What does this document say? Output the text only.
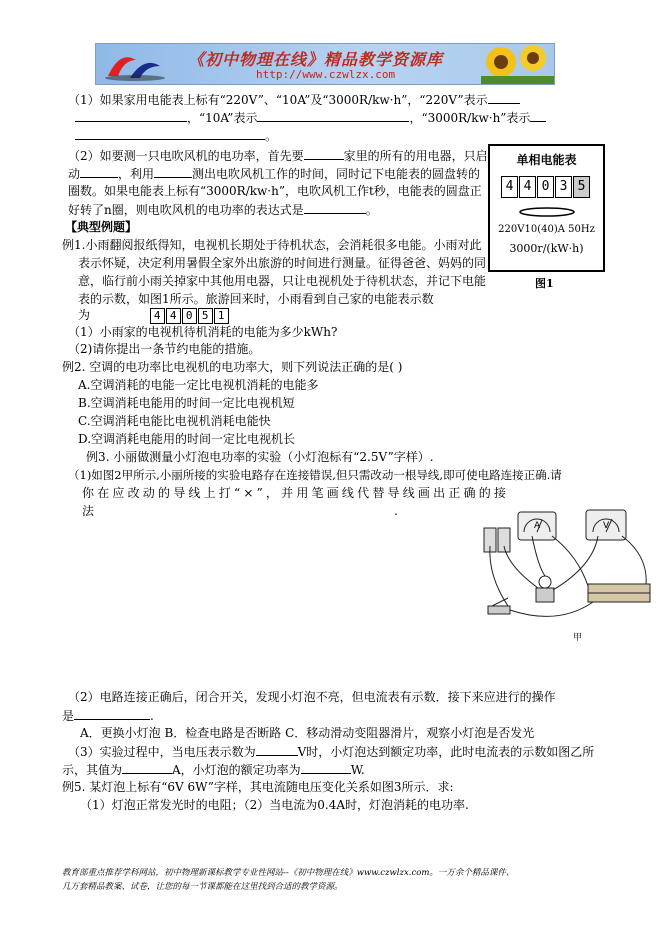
《初中物理在线》精品教学资源库
http://www.czwlzx.com
（1）如果家用电能表上标有“220V”、“10A”及“3000R/kw·h”，“220V”表示
，“10A”表示	，“3000R/kw·h”表示
。
（2）如要测一只电吹风机的电功率，首先要	家里的所有的用电器，只启
动	，利用	测出电吹风机工作的时间，同时记下电能表的圆盘转的
圈数。如果电能表上标有“3000R/kw·h”，电吹风机工作t秒，电能表的圆盘正
好转了n圈，则电吹风机的电功率的表达式是	。
单相电能表
4 4 0 3 5
220V10(40)A 50Hz
3000r/(kW·h)
图1
【典型例题】
例1.小雨翻阅报纸得知，电视机长期处于待机状态，会消耗很多电能。小雨对此
表示怀疑，决定利用暑假全家外出旅游的时间进行测量。征得爸爸、妈妈的同
意，临行前小雨关掉家中其他用电器，只让电视机处于待机状态，并记下电能
表的示数，如图1所示。旅游回来时，小雨看到自己家的电能表示数
为	4 4 0 5 1
（1）小雨家的电视机待机消耗的电能为多少kWh?
（2)请你提出一条节约电能的措施。
例2. 空调的电功率比电视机的电功率大，则下列说法正确的是( )
A.空调消耗的电能一定比电视机消耗的电能多
B.空调消耗电能用的时间一定比电视机短
C.空调消耗电能比电视机消耗电能快
D.空调消耗电能用的时间一定比电视机长
例3. 小丽做测量小灯泡电功率的实验（小灯泡标有“2.5V”字样）.
（1)如图2甲所示,小丽所接的实验电路存在连接错误,但只需改动一根导线,即可使电路连接正确.请
你在应改动的导线上打“×”，并用笔画线代替导线画出正确的接
法	.
A	V
甲
（2）电路连接正确后，闭合开关，发现小灯泡不亮，但电流表有示数．接下来应进行的操作
是	.
A．更换小灯泡 B．检查电路是否断路 C．移动滑动变阻器滑片，观察小灯泡是否发光
（3）实验过程中，当电压表示数为	V时，小灯泡达到额定功率，此时电流表的示数如图乙所
示，其值为	A，小灯泡的额定功率为	W.
例5. 某灯泡上标有“6V 6W”字样，其电流随电压变化关系如图3所示．求:
（1）灯泡正常发光时的电阻；（2）当电流为0.4A时，灯泡消耗的电功率.
教育部重点推荐学科网站，初中物理新课标教学专业性网站--《初中物理在线》www.czwlzx.com。一万余个精品课件、
几万套精品教案、试卷，让您的每一节课都能在这里找到合适的教学资源。
